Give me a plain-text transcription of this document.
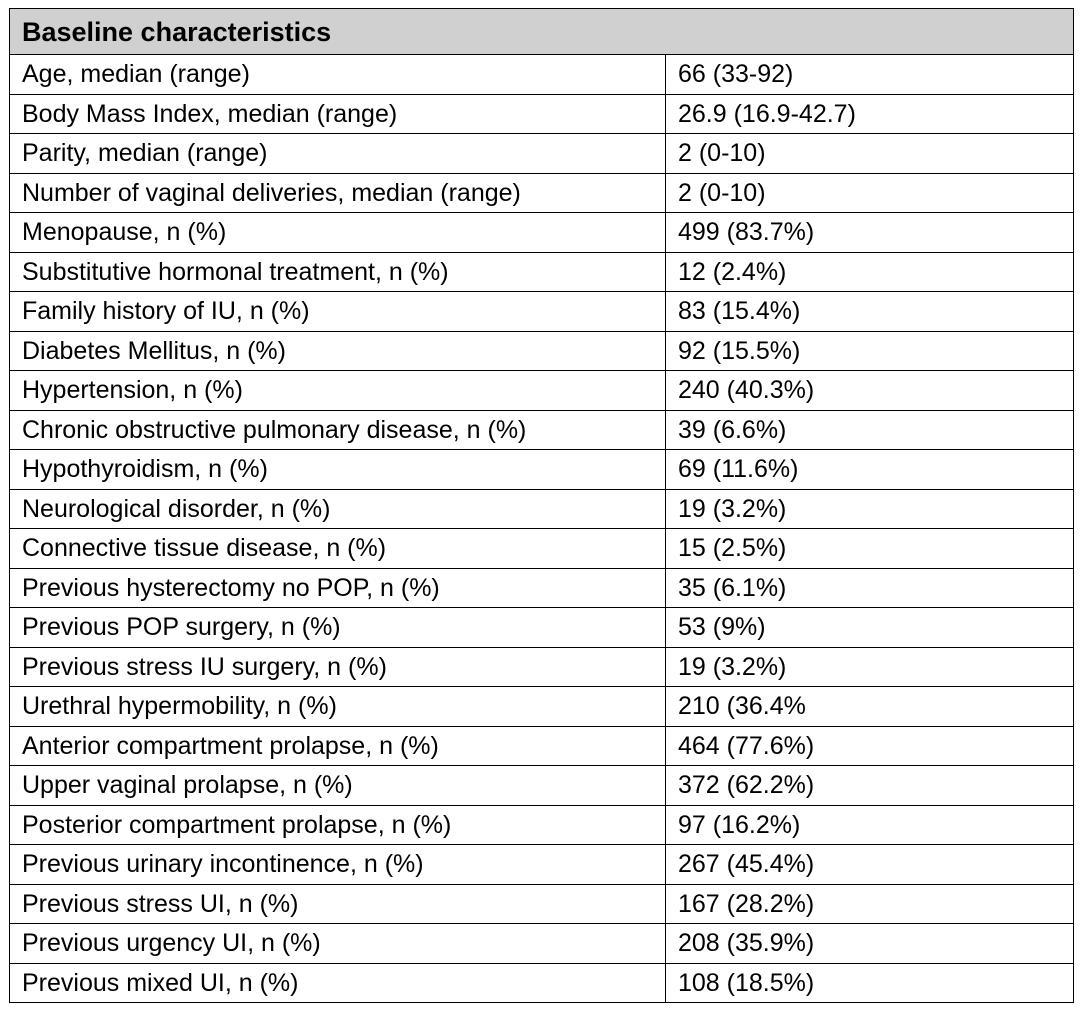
Baseline characteristics	
Age, median (range)	66 (33-92)
Body Mass Index, median (range)	26.9 (16.9-42.7)
Parity, median (range)	2 (0-10)
Number of vaginal deliveries, median (range)	2 (0-10)
Menopause, n (%)	499 (83.7%)
Substitutive hormonal treatment, n (%)	12 (2.4%)
Family history of IU, n (%)	83 (15.4%)
Diabetes Mellitus, n (%)	92 (15.5%)
Hypertension, n (%)	240 (40.3%)
Chronic obstructive pulmonary disease, n (%)	39 (6.6%)
Hypothyroidism, n (%)	69 (11.6%)
Neurological disorder, n (%)	19 (3.2%)
Connective tissue disease, n (%)	15 (2.5%)
Previous hysterectomy no POP, n (%)	35 (6.1%)
Previous POP surgery, n (%)	53 (9%)
Previous stress IU surgery, n (%)	19 (3.2%)
Urethral hypermobility, n (%)	210 (36.4%
Anterior compartment prolapse, n (%)	464 (77.6%)
Upper vaginal prolapse, n (%)	372 (62.2%)
Posterior compartment prolapse, n (%)	97 (16.2%)
Previous urinary incontinence, n (%)	267 (45.4%)
Previous stress UI, n (%)	167 (28.2%)
Previous urgency UI, n (%)	208 (35.9%)
Previous mixed UI, n (%)	108 (18.5%)
